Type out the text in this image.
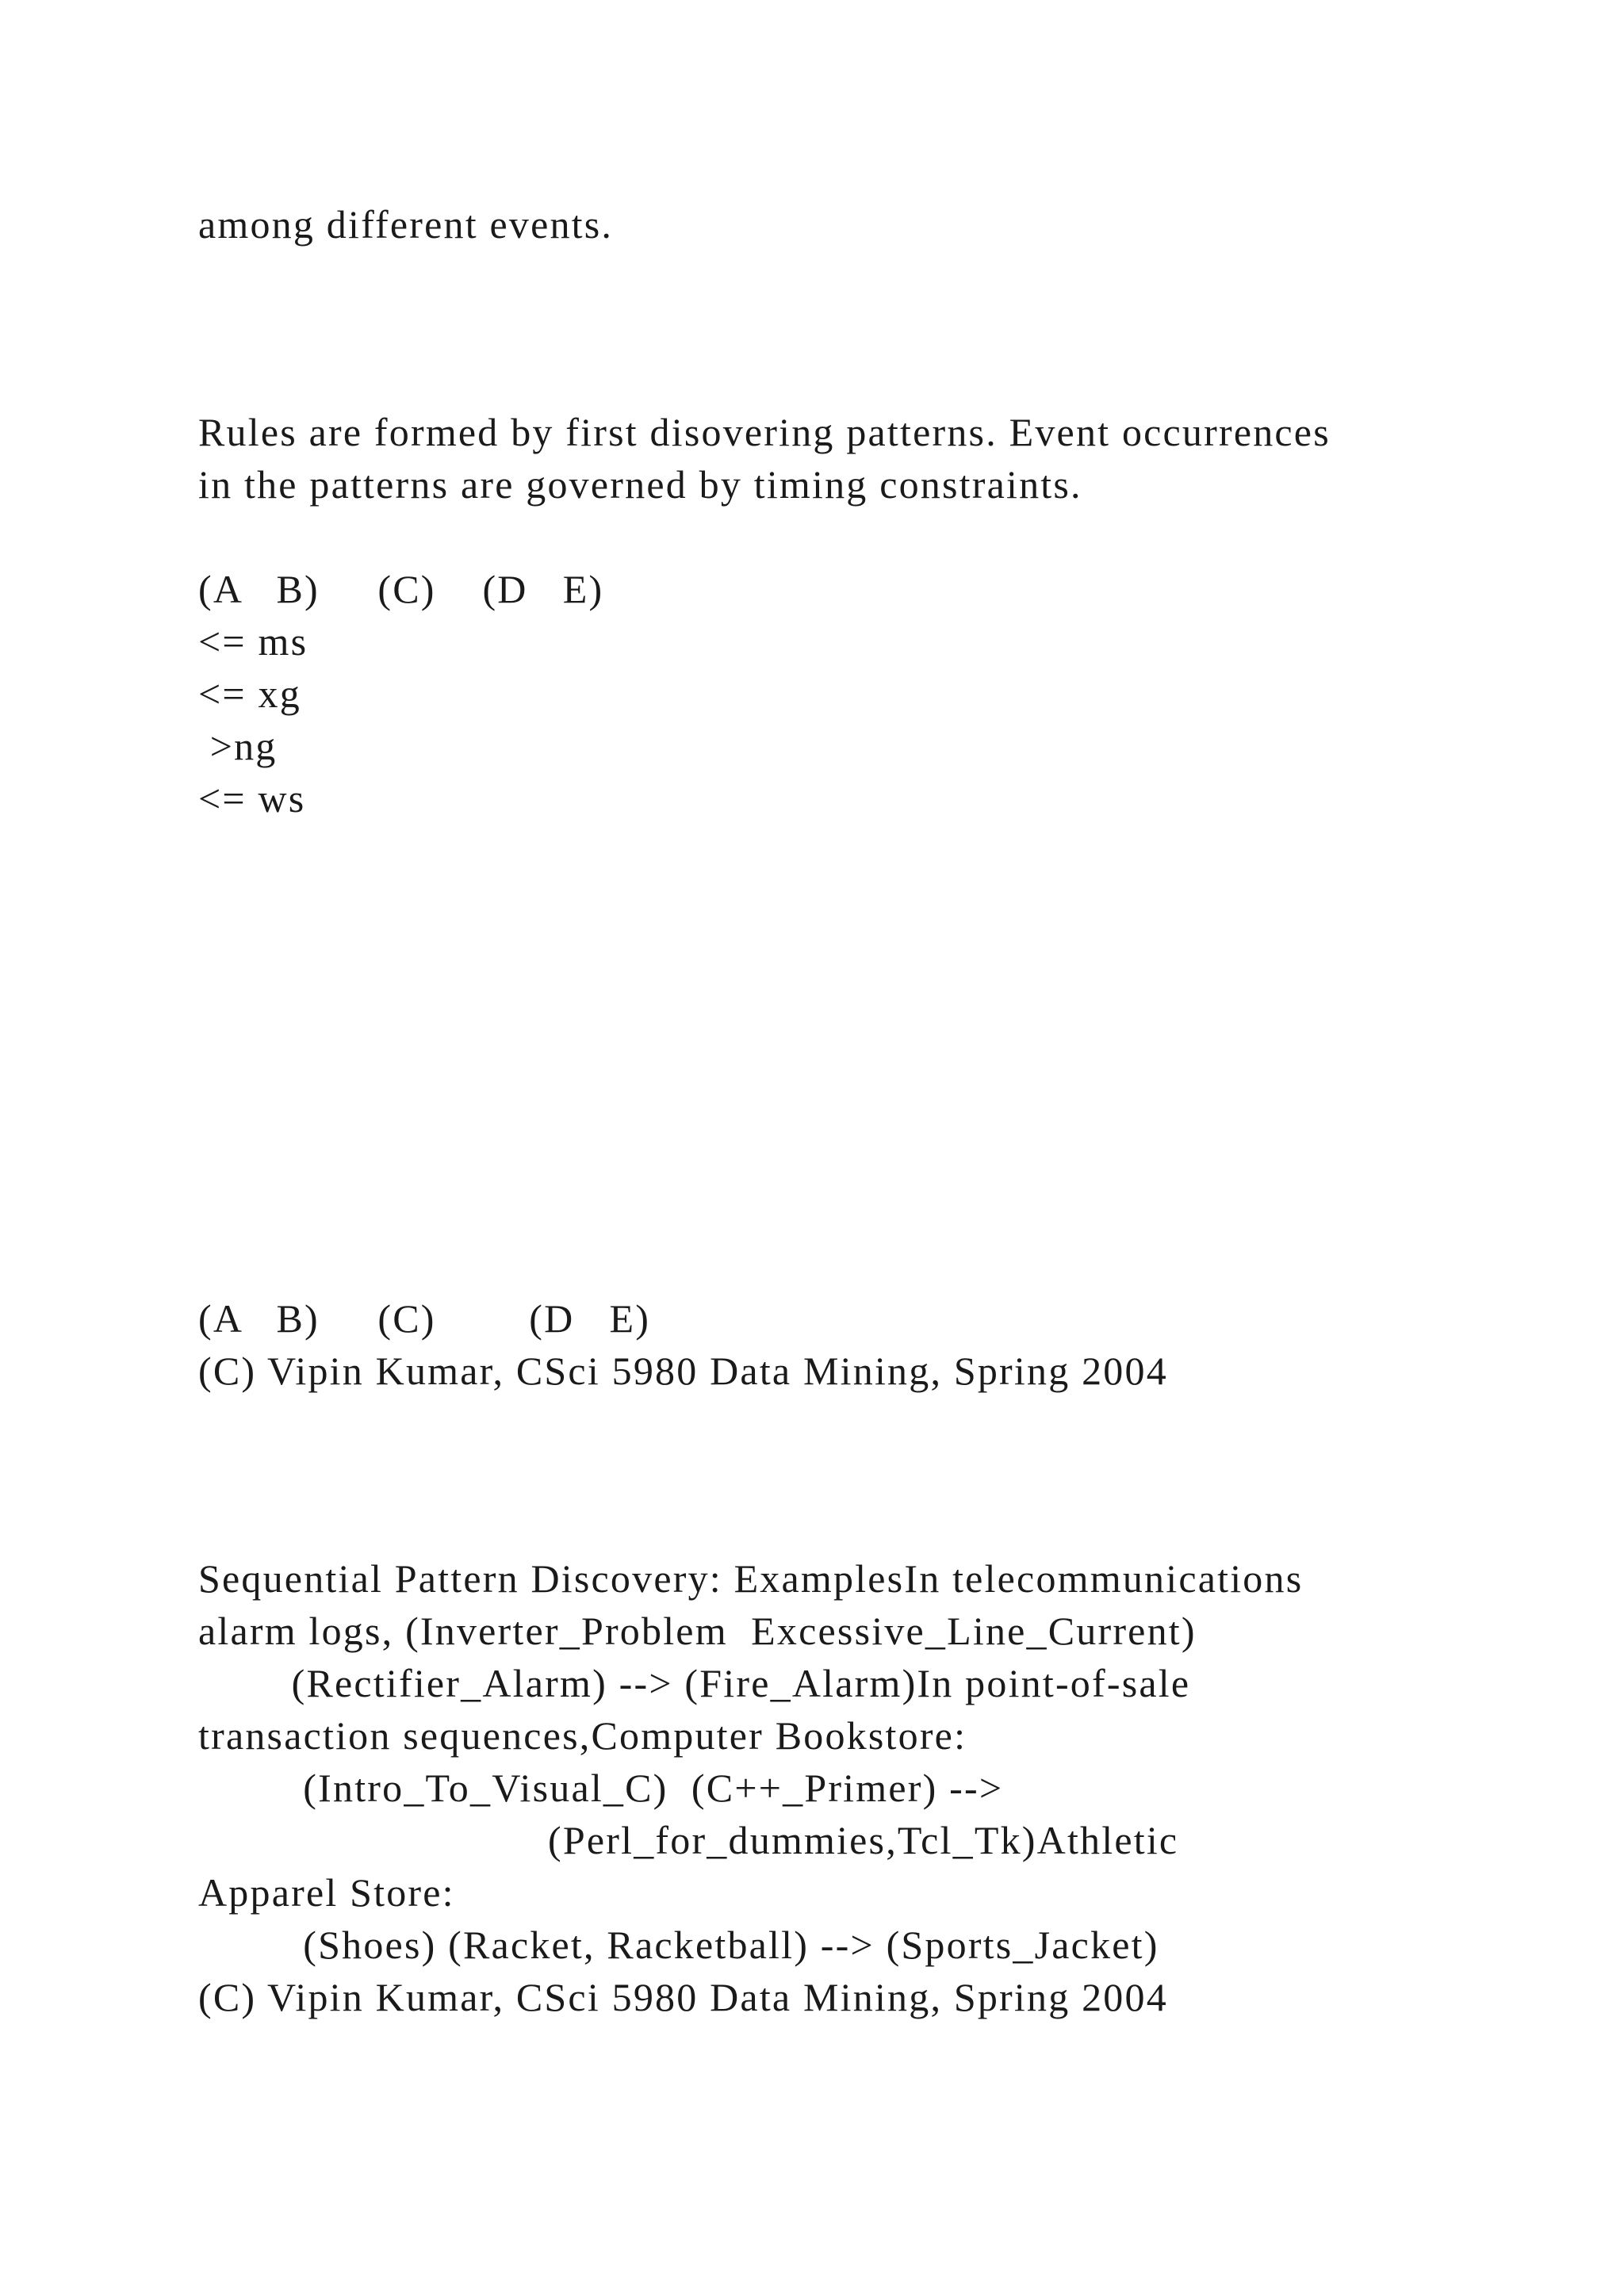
among different events.

Rules are formed by first disovering patterns. Event occurrences

in the patterns are governed by timing constraints.

(A   B)     (C)    (D   E)

<= ms

<= xg

>ng

<= ws

(A   B)     (C)        (D   E)

(C) Vipin Kumar, CSci 5980 Data Mining, Spring 2004

Sequential Pattern Discovery: ExamplesIn telecommunications

alarm logs, (Inverter_Problem  Excessive_Line_Current)

(Rectifier_Alarm) --> (Fire_Alarm)In point-of-sale

transaction sequences,Computer Bookstore:

(Intro_To_Visual_C)  (C++_Primer) -->

(Perl_for_dummies,Tcl_Tk)Athletic

Apparel Store:

(Shoes) (Racket, Racketball) --> (Sports_Jacket)

(C) Vipin Kumar, CSci 5980 Data Mining, Spring 2004
